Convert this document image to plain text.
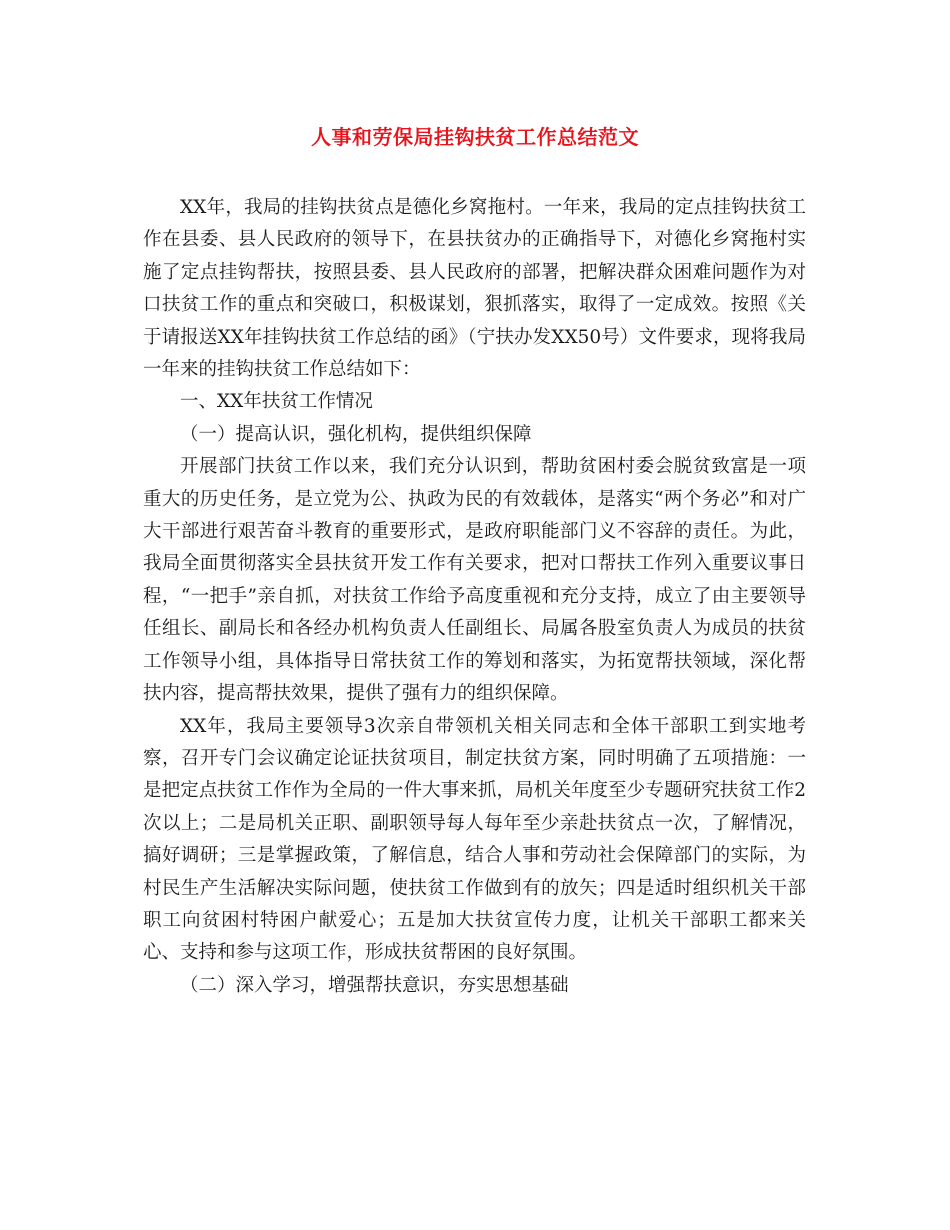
人事和劳保局挂钩扶贫工作总结范文

XX年，我局的挂钩扶贫点是德化乡窝拖村。一年来，我局的定点挂钩扶贫工作在县委、县人民政府的领导下，在县扶贫办的正确指导下，对德化乡窝拖村实施了定点挂钩帮扶，按照县委、县人民政府的部署，把解决群众困难问题作为对口扶贫工作的重点和突破口，积极谋划，狠抓落实，取得了一定成效。按照《关于请报送XX年挂钩扶贫工作总结的函》（宁扶办发XX50号）文件要求，现将我局一年来的挂钩扶贫工作总结如下：

一、XX年扶贫工作情况

（一）提高认识，强化机构，提供组织保障

开展部门扶贫工作以来，我们充分认识到，帮助贫困村委会脱贫致富是一项重大的历史任务，是立党为公、执政为民的有效载体，是落实“两个务必”和对广大干部进行艰苦奋斗教育的重要形式，是政府职能部门义不容辞的责任。为此，我局全面贯彻落实全县扶贫开发工作有关要求，把对口帮扶工作列入重要议事日程，“一把手”亲自抓，对扶贫工作给予高度重视和充分支持，成立了由主要领导任组长、副局长和各经办机构负责人任副组长、局属各股室负责人为成员的扶贫工作领导小组，具体指导日常扶贫工作的筹划和落实，为拓宽帮扶领域，深化帮扶内容，提高帮扶效果，提供了强有力的组织保障。

XX年，我局主要领导3次亲自带领机关相关同志和全体干部职工到实地考察，召开专门会议确定论证扶贫项目，制定扶贫方案，同时明确了五项措施：一是把定点扶贫工作作为全局的一件大事来抓，局机关年度至少专题研究扶贫工作2次以上；二是局机关正职、副职领导每人每年至少亲赴扶贫点一次，了解情况，搞好调研；三是掌握政策，了解信息，结合人事和劳动社会保障部门的实际，为村民生产生活解决实际问题，使扶贫工作做到有的放矢；四是适时组织机关干部职工向贫困村特困户献爱心；五是加大扶贫宣传力度，让机关干部职工都来关心、支持和参与这项工作，形成扶贫帮困的良好氛围。

（二）深入学习，增强帮扶意识，夯实思想基础
